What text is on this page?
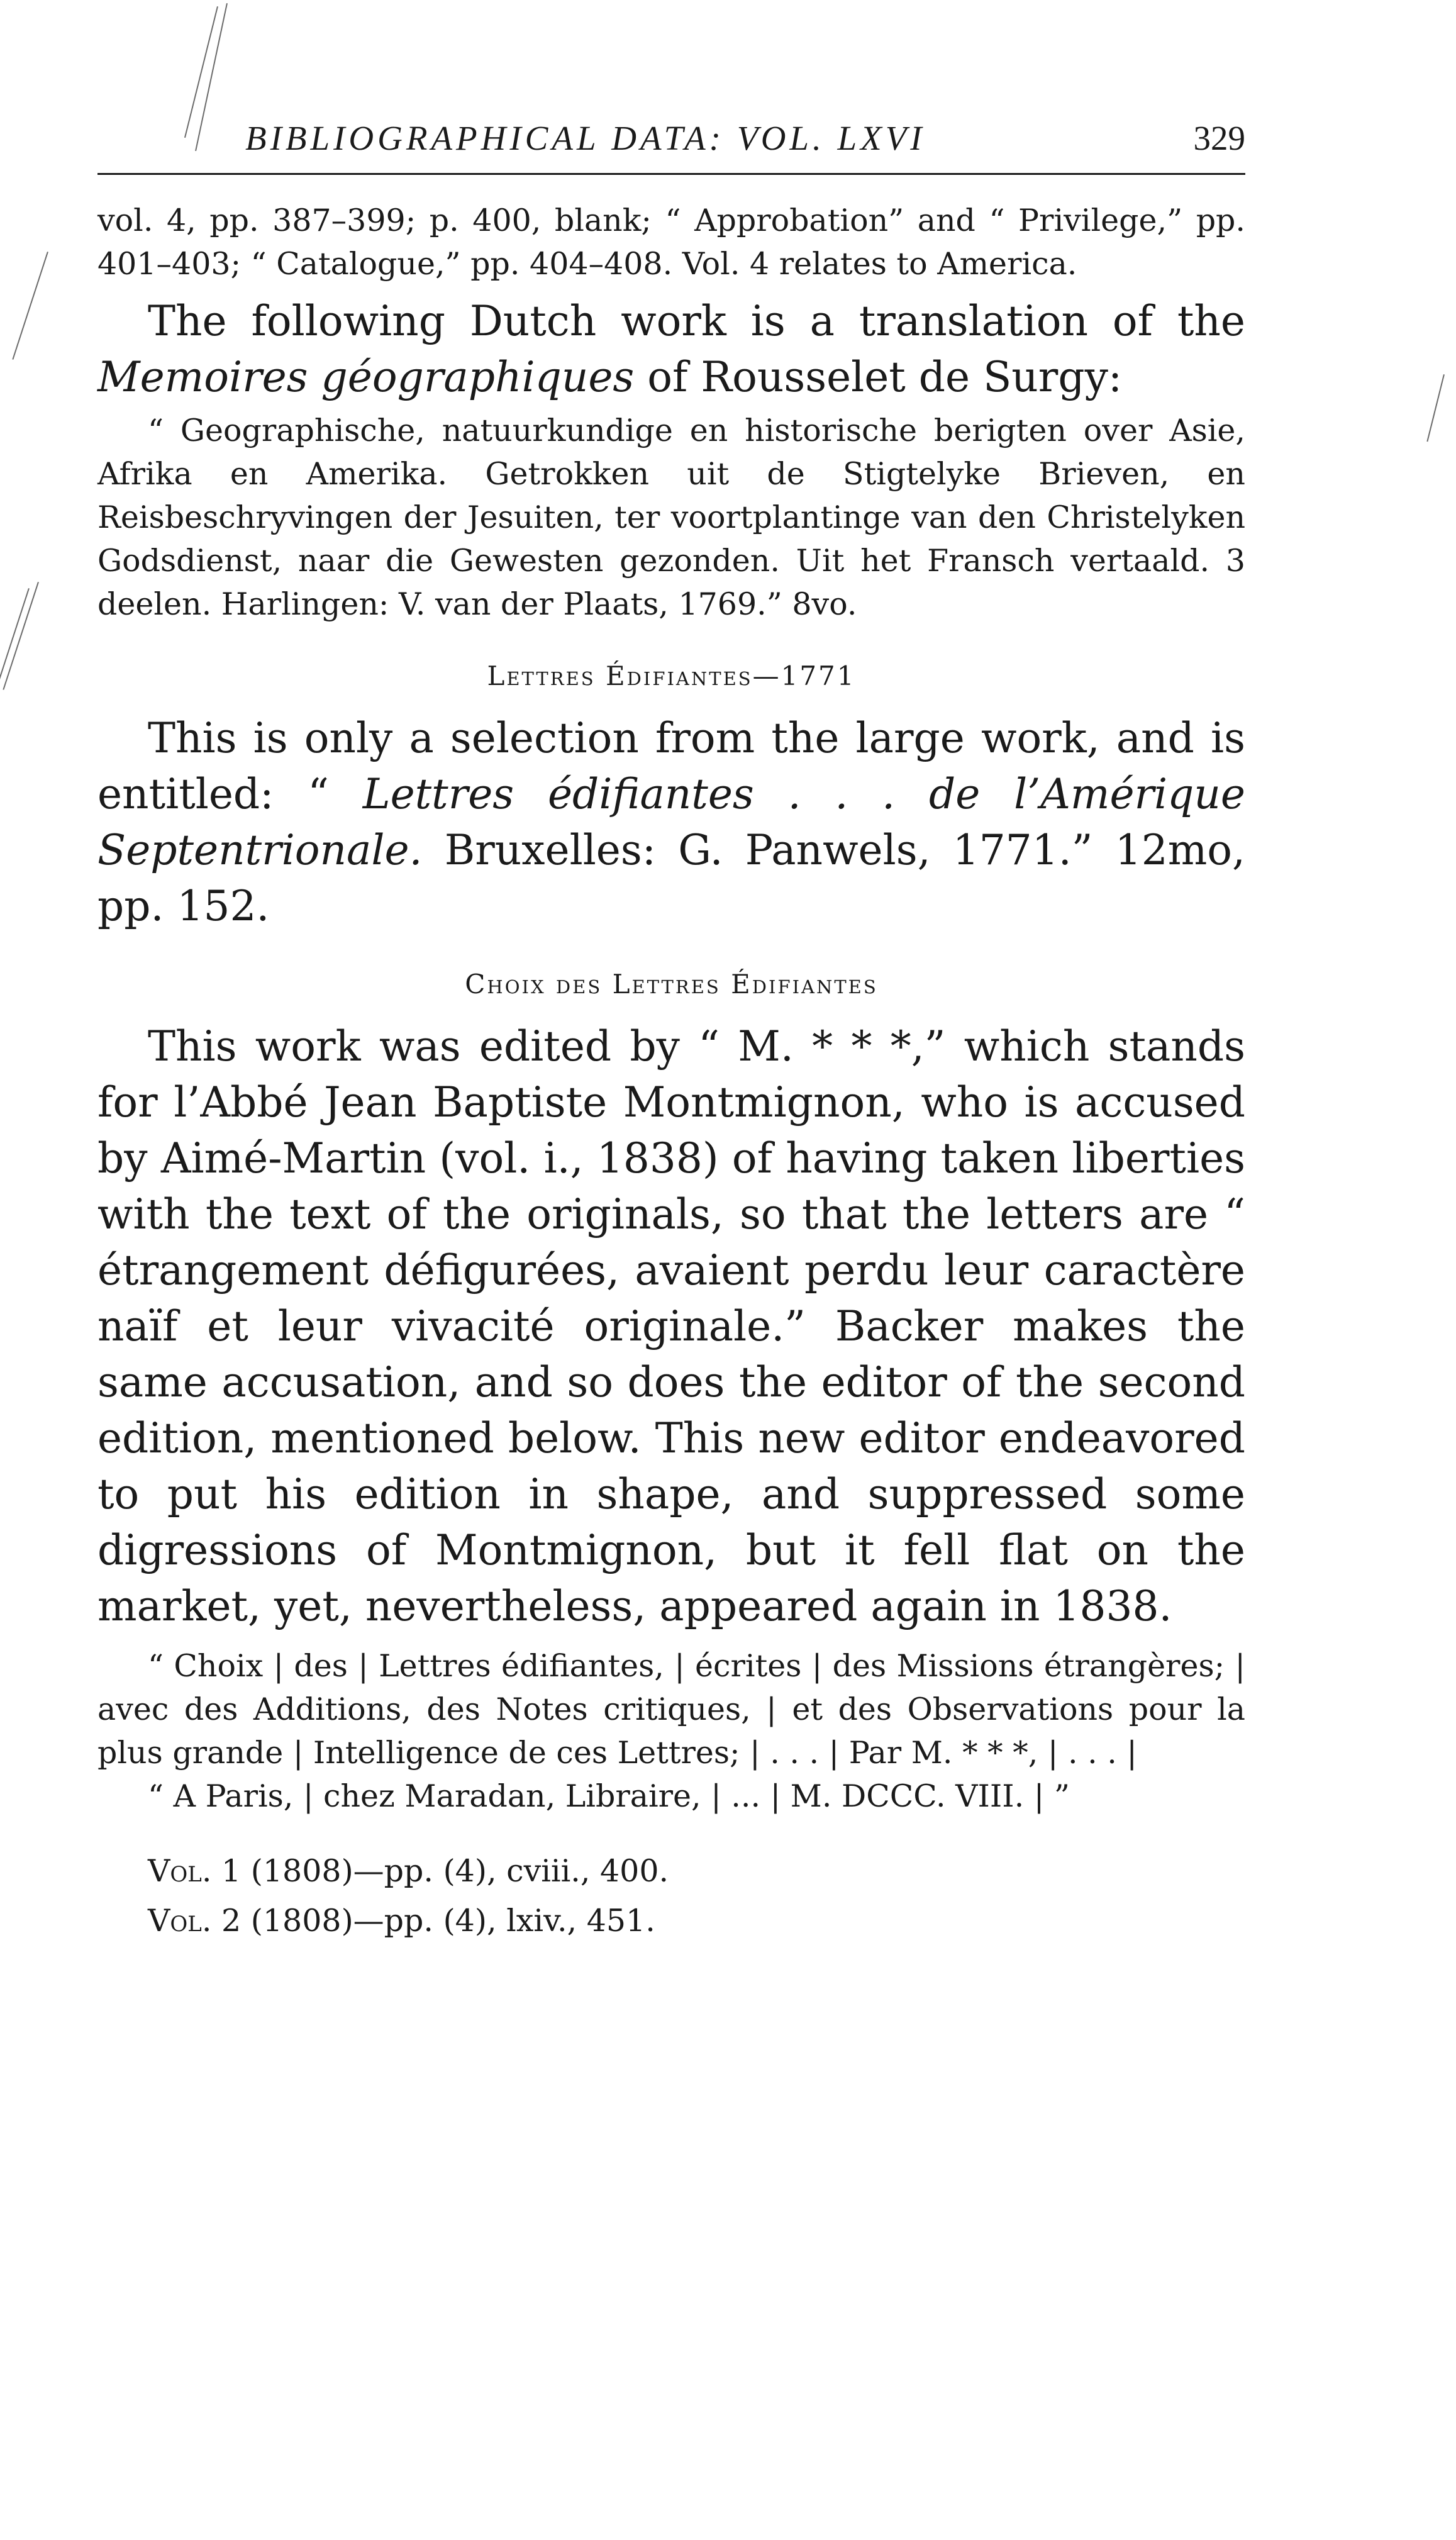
BIBLIOGRAPHICAL DATA: VOL. LXVI	329

vol. 4, pp. 387–399; p. 400, blank; “ Approbation” and “ Privilege,” pp. 401–403; “ Catalogue,” pp. 404–408. Vol. 4 relates to America.

The following Dutch work is a translation of the Memoires géographiques of Rousselet de Surgy:

“ Geographische, natuurkundige en historische berigten over Asie, Afrika en Amerika. Getrokken uit de Stigtelyke Brieven, en Reisbeschryvingen der Jesuiten, ter voortplantinge van den Christelyken Godsdienst, naar die Gewesten gezonden. Uit het Fransch vertaald. 3 deelen. Harlingen: V. van der Plaats, 1769.” 8vo.

Lettres Édifiantes—1771

This is only a selection from the large work, and is entitled: “ Lettres édifiantes . . . de l’Amérique Septentrionale. Bruxelles: G. Panwels, 1771.” 12mo, pp. 152.

Choix des Lettres Édifiantes

This work was edited by “ M. * * *,” which stands for l’Abbé Jean Baptiste Montmignon, who is accused by Aimé-Martin (vol. i., 1838) of having taken liberties with the text of the originals, so that the letters are “ étrangement défigurées, avaient perdu leur caractère naïf et leur vivacité originale.” Backer makes the same accusation, and so does the editor of the second edition, mentioned below. This new editor endeavored to put his edition in shape, and suppressed some digressions of Montmignon, but it fell flat on the market, yet, nevertheless, appeared again in 1838.

“ Choix | des | Lettres édifiantes, | écrites | des Missions étrangères; | avec des Additions, des Notes critiques, | et des Observations pour la plus grande | Intelligence de ces Lettres; | . . . | Par M. * * *, | . . . |

“ A Paris, | chez Maradan, Libraire, | ... | M. DCCC. VIII. | ”

Vol. 1 (1808)—pp. (4), cviii., 400.

Vol. 2 (1808)—pp. (4), lxiv., 451.
